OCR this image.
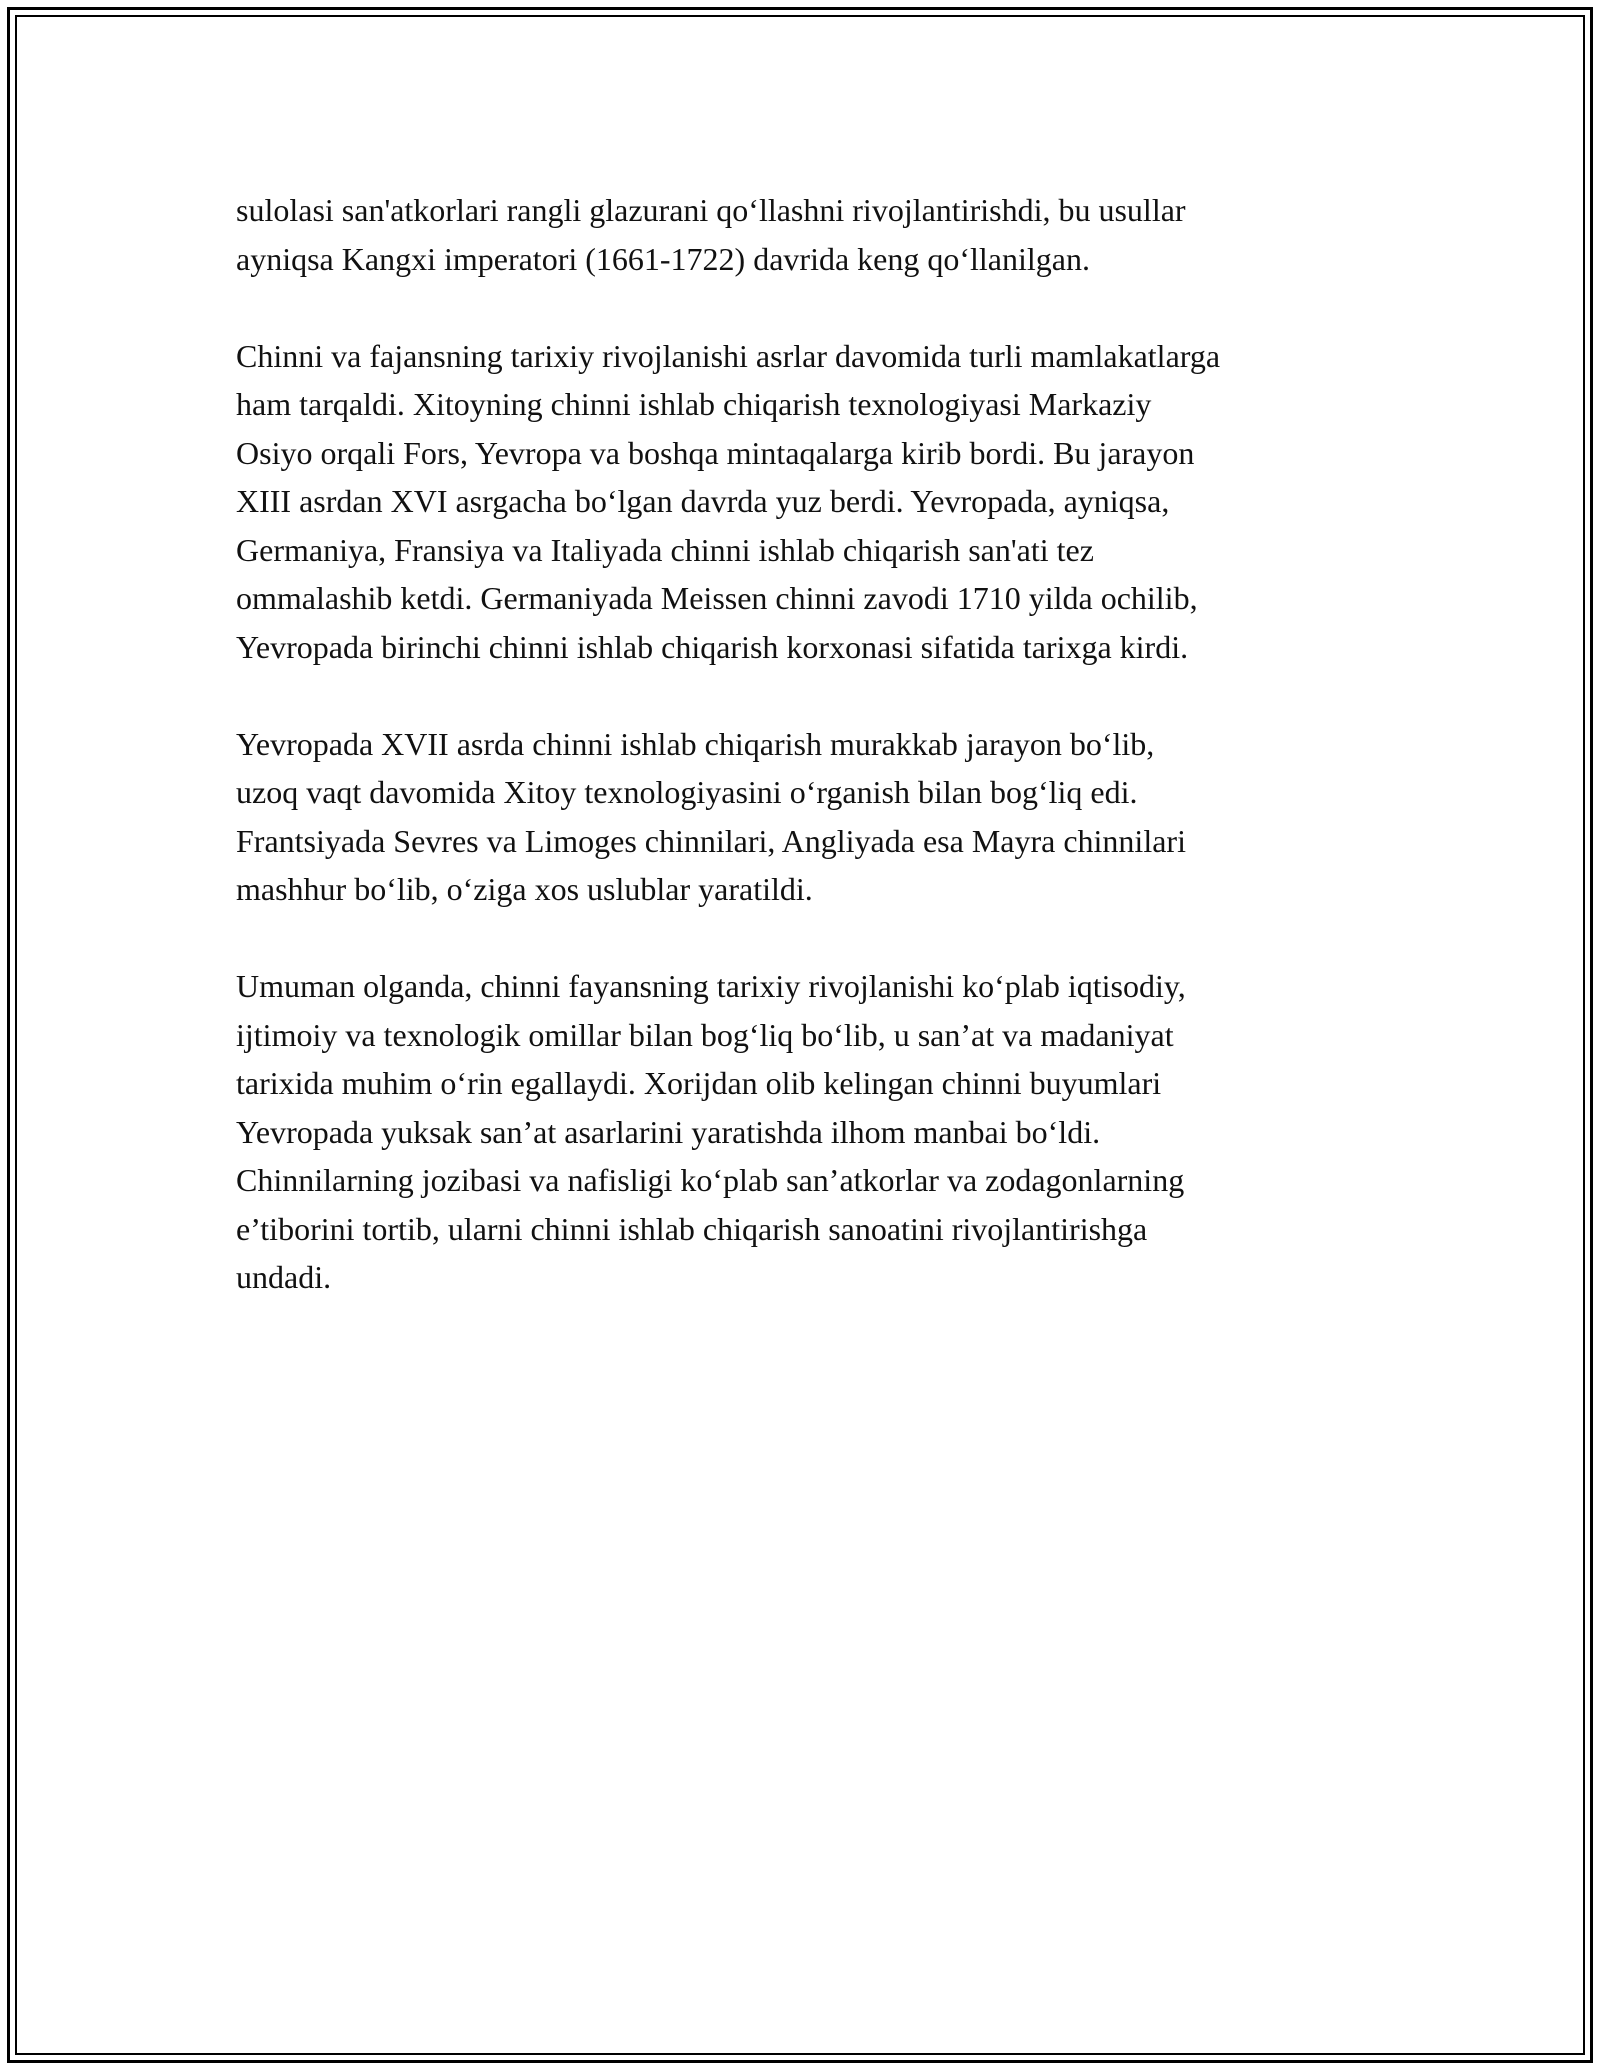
sulolasi san'atkorlari rangli glazurani qo‘llashni rivojlantirishdi, bu usullar
ayniqsa Kangxi imperatori (1661-1722) davrida keng qo‘llanilgan.

Chinni va fajansning tarixiy rivojlanishi asrlar davomida turli mamlakatlarga
ham tarqaldi. Xitoyning chinni ishlab chiqarish texnologiyasi Markaziy
Osiyo orqali Fors, Yevropa va boshqa mintaqalarga kirib bordi. Bu jarayon
XIII asrdan XVI asrgacha bo‘lgan davrda yuz berdi. Yevropada, ayniqsa,
Germaniya, Fransiya va Italiyada chinni ishlab chiqarish san'ati tez
ommalashib ketdi. Germaniyada Meissen chinni zavodi 1710 yilda ochilib,
Yevropada birinchi chinni ishlab chiqarish korxonasi sifatida tarixga kirdi.

Yevropada XVII asrda chinni ishlab chiqarish murakkab jarayon bo‘lib,
uzoq vaqt davomida Xitoy texnologiyasini o‘rganish bilan bog‘liq edi.
Frantsiyada Sevres va Limoges chinnilari, Angliyada esa Mayra chinnilari
mashhur bo‘lib, o‘ziga xos uslublar yaratildi.

Umuman olganda, chinni fayansning tarixiy rivojlanishi ko‘plab iqtisodiy,
ijtimoiy va texnologik omillar bilan bog‘liq bo‘lib, u san’at va madaniyat
tarixida muhim o‘rin egallaydi. Xorijdan olib kelingan chinni buyumlari
Yevropada yuksak san’at asarlarini yaratishda ilhom manbai bo‘ldi.
Chinnilarning jozibasi va nafisligi ko‘plab san’atkorlar va zodagonlarning
e’tiborini tortib, ularni chinni ishlab chiqarish sanoatini rivojlantirishga
undadi.
